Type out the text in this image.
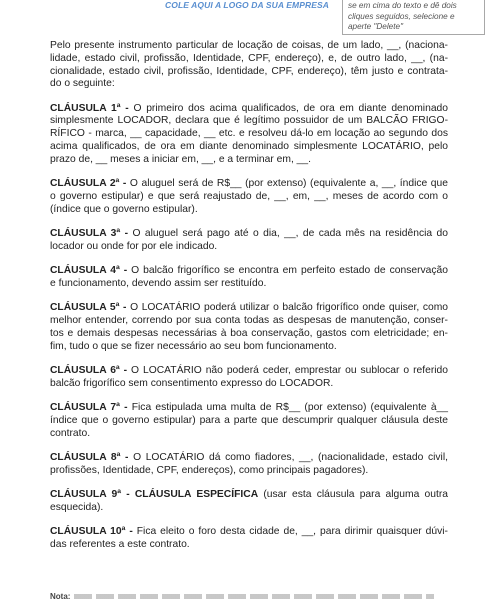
COLE AQUI A LOGO DA SUA EMPRESA	se em cima do texto e dê dois
cliques seguidos, selecione e
aperte "Delete"

Pelo presente instrumento particular de locação de coisas, de um lado, __, (naciona-
lidade, estado civil, profissão, Identidade, CPF, endereço), e, de outro lado, __, (na-
cionalidade, estado civil, profissão, Identidade, CPF, endereço), têm justo e contrata-
do o seguinte:

CLÁUSULA 1ª - O primeiro dos acima qualificados, de ora em diante denominado
simplesmente LOCADOR, declara que é legítimo possuidor de um BALCÃO FRIGO-
RÍFICO - marca, __ capacidade, __ etc. e resolveu dá-lo em locação ao segundo dos
acima qualificados, de ora em diante denominado simplesmente LOCATÁRIO, pelo
prazo de, __ meses a iniciar em, __, e a terminar em, __.

CLÁUSULA 2ª - O aluguel será de R$__ (por extenso) (equivalente a, __, índice que
o governo estipular) e que será reajustado de, __, em, __, meses de acordo com o
(índice que o governo estipular).

CLÁUSULA 3ª - O aluguel será pago até o dia, __, de cada mês na residência do
locador ou onde for por ele indicado.

CLÁUSULA 4ª - O balcão frigorífico se encontra em perfeito estado de conservação
e funcionamento, devendo assim ser restituído.

CLÁUSULA 5ª - O LOCATÁRIO poderá utilizar o balcão frigorífico onde quiser, como
melhor entender, correndo por sua conta todas as despesas de manutenção, conser-
tos e demais despesas necessárias à boa conservação, gastos com eletricidade; en-
fim, tudo o que se fizer necessário ao seu bom funcionamento.

CLÁUSULA 6ª - O LOCATÁRIO não poderá ceder, emprestar ou sublocar o referido
balcão frigorífico sem consentimento expresso do LOCADOR.

CLÁUSULA 7ª - Fica estipulada uma multa de R$__ (por extenso) (equivalente à__
índice que o governo estipular) para a parte que descumprir qualquer cláusula deste
contrato.

CLÁUSULA 8ª - O LOCATÁRIO dá como fiadores, __, (nacionalidade, estado civil,
profissões, Identidade, CPF, endereços), como principais pagadores).

CLÁUSULA 9ª - CLÁUSULA ESPECÍFICA (usar esta cláusula para alguma outra
esquecida).

CLÁUSULA 10ª - Fica eleito o foro desta cidade de, __, para dirimir quaisquer dúvi-
das referentes a este contrato.

Nota:
